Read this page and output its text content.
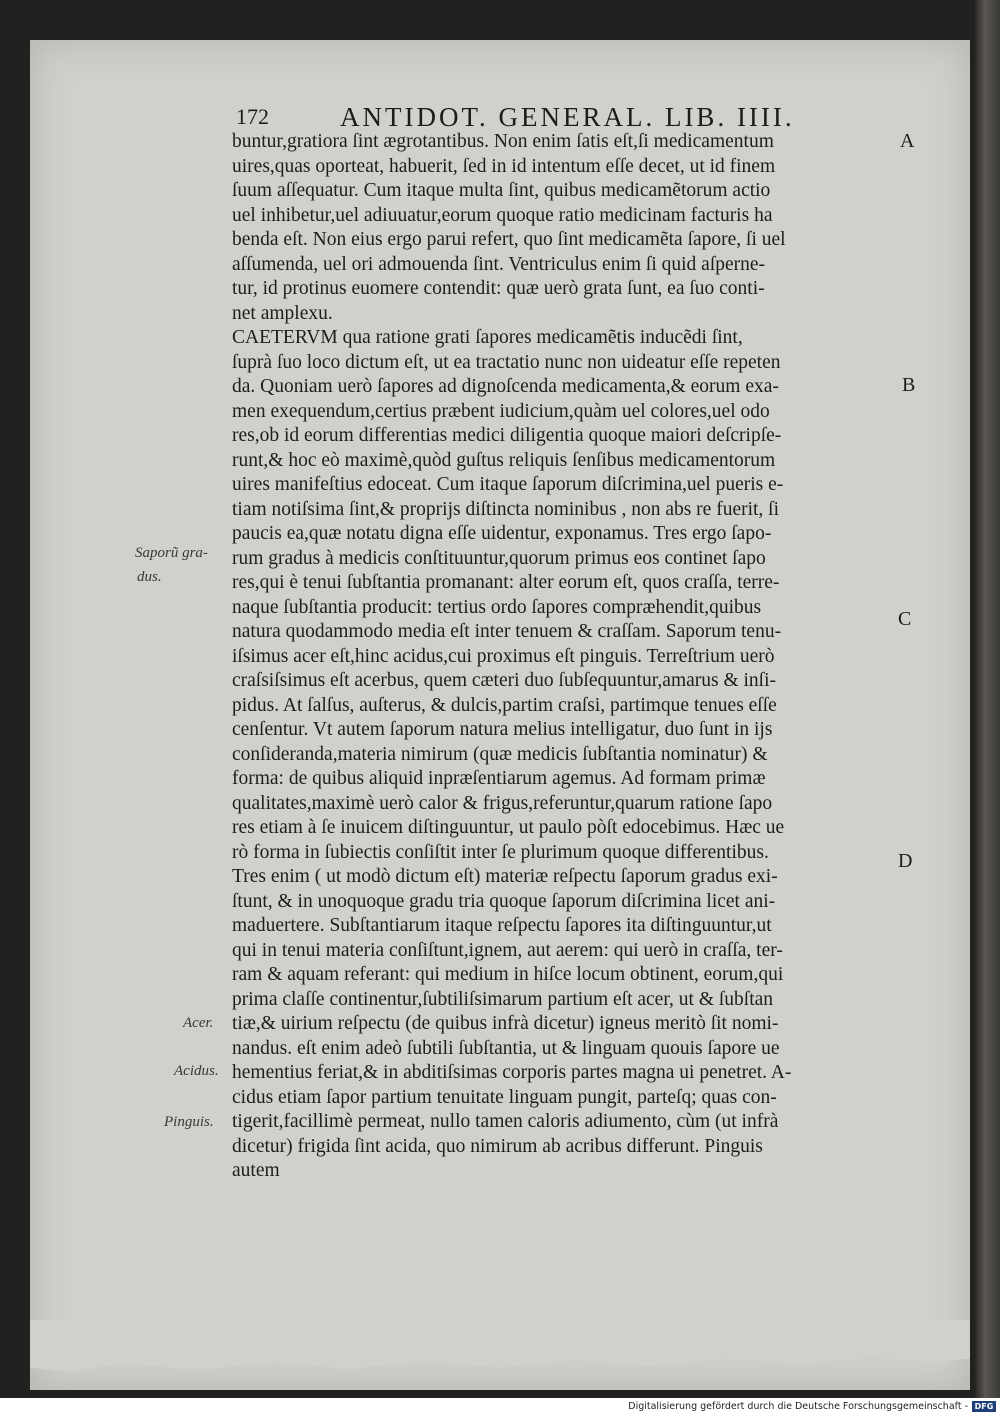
172	ANTIDOT. GENERAL. LIB. IIII.
buntur,gratiora ſint ægrotantibus. Non enim ſatis eſt,ſi medicamentum
uires,quas oporteat, habuerit, ſed in id intentum eſſe decet, ut id finem
ſuum aſſequatur. Cum itaque multa ſint, quibus medicamẽtorum actio
uel inhibetur,uel adiuuatur,eorum quoque ratio medicinam facturis ha
benda eſt. Non eius ergo parui refert, quo ſint medicamẽta ſapore, ſi uel
aſſumenda, uel ori admouenda ſint. Ventriculus enim ſi quid aſperne-
tur, id protinus euomere contendit: quæ uerò grata ſunt, ea ſuo conti-
net amplexu.
CAETERVM qua ratione grati ſapores medicamẽtis inducẽdi ſint,
ſuprà ſuo loco dictum eſt, ut ea tractatio nunc non uideatur eſſe repeten
da. Quoniam uerò ſapores ad dignoſcenda medicamenta,& eorum exa-
men exequendum,certius præbent iudicium,quàm uel colores,uel odo
res,ob id eorum differentias medici diligentia quoque maiori deſcripſe-
runt,& hoc eò maximè,quòd guſtus reliquis ſenſibus medicamentorum
uires manifeſtius edoceat. Cum itaque ſaporum diſcrimina,uel pueris e-
tiam notiſsima ſint,& proprijs diſtincta nominibus , non abs re fuerit, ſi
paucis ea,quæ notatu digna eſſe uidentur, exponamus. Tres ergo ſapo-
rum gradus à medicis conſtituuntur,quorum primus eos continet ſapo
res,qui è tenui ſubſtantia promanant: alter eorum eſt, quos craſſa, terre-
naque ſubſtantia producit: tertius ordo ſapores compræhendit,quibus
natura quodammodo media eſt inter tenuem & craſſam. Saporum tenu-
iſsimus acer eſt,hinc acidus,cui proximus eſt pinguis. Terreſtrium uerò
craſsiſsimus eſt acerbus, quem cæteri duo ſubſequuntur,amarus & inſi-
pidus. At ſalſus, auſterus, & dulcis,partim craſsi, partimque tenues eſſe
cenſentur. Vt autem ſaporum natura melius intelligatur, duo ſunt in ijs
conſideranda,materia nimirum (quæ medicis ſubſtantia nominatur) &
forma: de quibus aliquid inpræſentiarum agemus. Ad formam primæ
qualitates,maximè uerò calor & frigus,referuntur,quarum ratione ſapo
res etiam à ſe inuicem diſtinguuntur, ut paulo pòſt edocebimus. Hæc ue
rò forma in ſubiectis conſiſtit inter ſe plurimum quoque differentibus.
Tres enim ( ut modò dictum eſt) materiæ reſpectu ſaporum gradus exi-
ſtunt, & in unoquoque gradu tria quoque ſaporum diſcrimina licet ani-
maduertere. Subſtantiarum itaque reſpectu ſapores ita diſtinguuntur,ut
qui in tenui materia conſiſtunt,ignem, aut aerem: qui uerò in craſſa, ter-
ram & aquam referant: qui medium in hiſce locum obtinent, eorum,qui
prima claſſe continentur,ſubtiliſsimarum partium eſt acer, ut & ſubſtan
tiæ,& uirium reſpectu (de quibus infrà dicetur) igneus meritò ſit nomi-
nandus. eſt enim adeò ſubtili ſubſtantia, ut & linguam quouis ſapore ue
hementius feriat,& in abditiſsimas corporis partes magna ui penetret. A-
cidus etiam ſapor partium tenuitate linguam pungit, parteſq; quas con-
tigerit,facillimè permeat, nullo tamen caloris adiumento, cùm (ut infrà
dicetur) frigida ſint acida, quo nimirum ab acribus differunt. Pinguis
autem
Saporũ gra-
dus.
Acer.
Acidus.
Pinguis.
A
B
C
D
Digitalisierung gefördert durch die Deutsche Forschungsgemeinschaft - DFG
